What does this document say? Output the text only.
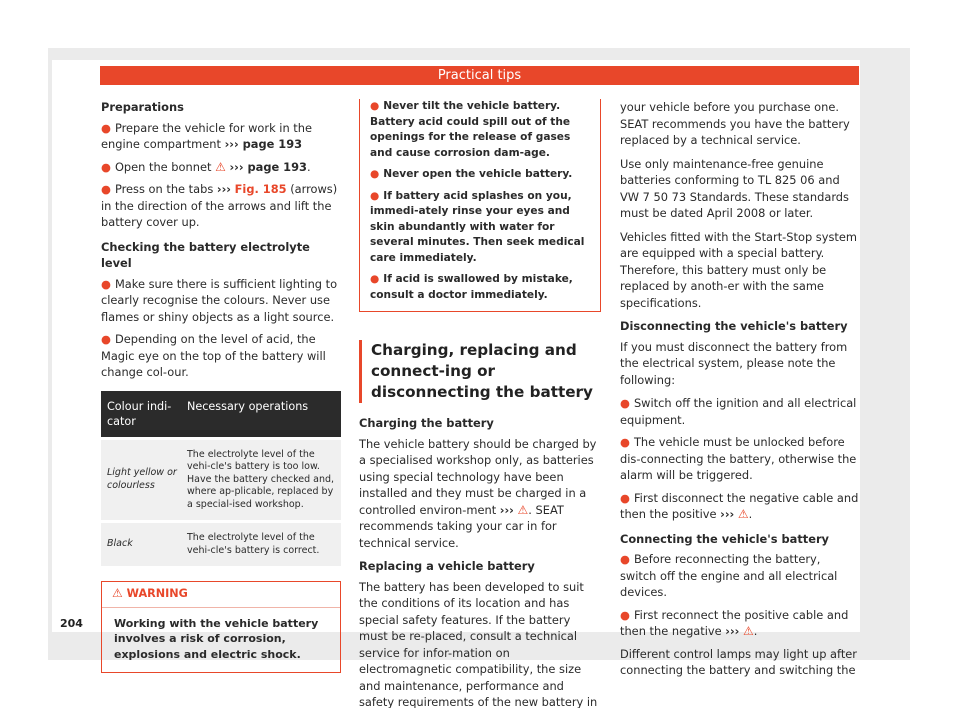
Practical tips
Preparations
● Prepare the vehicle for work in the engine compartment ››› page 193
● Open the bonnet ⚠ ››› page 193.
● Press on the tabs ››› Fig. 185 (arrows) in the direction of the arrows and lift the battery cover up.
Checking the battery electrolyte level
● Make sure there is sufficient lighting to clearly recognise the colours. Never use flames or shiny objects as a light source.
● Depending on the level of acid, the Magic eye on the top of the battery will change col-our.
Colour indi-cator	Necessary operations
Light yellow or colourless	The electrolyte level of the vehi-cle's battery is too low. Have the battery checked and, where ap-plicable, replaced by a special-ised workshop.
Black	The electrolyte level of the vehi-cle's battery is correct.
⚠ WARNING
Working with the vehicle battery involves a risk of corrosion, explosions and electric shock.
● Never tilt the vehicle battery. Battery acid could spill out of the openings for the release of gases and cause corrosion dam-age.
● Never open the vehicle battery.
● If battery acid splashes on you, immedi-ately rinse your eyes and skin abundantly with water for several minutes. Then seek medical care immediately.
● If acid is swallowed by mistake, consult a doctor immediately.
Charging, replacing and connect-ing or disconnecting the battery
Charging the battery

The vehicle battery should be charged by a specialised workshop only, as batteries using special technology have been installed and they must be charged in a controlled environ-ment ››› ⚠. SEAT recommends taking your car in for technical service.

Replacing a vehicle battery

The battery has been developed to suit the conditions of its location and has special safety features. If the battery must be re-placed, consult a technical service for infor-mation on electromagnetic compatibility, the size and maintenance, performance and safety requirements of the new battery in

your vehicle before you purchase one. SEAT recommends you have the battery replaced by a technical service.

Use only maintenance-free genuine batteries conforming to TL 825 06 and VW 7 50 73 Standards. These standards must be dated April 2008 or later.

Vehicles fitted with the Start-Stop system are equipped with a special battery. Therefore, this battery must only be replaced by anoth-er with the same specifications.

Disconnecting the vehicle's battery

If you must disconnect the battery from the electrical system, please note the following:

● Switch off the ignition and all electrical equipment.
● The vehicle must be unlocked before dis-connecting the battery, otherwise the alarm will be triggered.
● First disconnect the negative cable and then the positive ››› ⚠.
Connecting the vehicle's battery
● Before reconnecting the battery, switch off the engine and all electrical devices.
● First reconnect the positive cable and then the negative ››› ⚠.

Different control lamps may light up after connecting the battery and switching the

204
